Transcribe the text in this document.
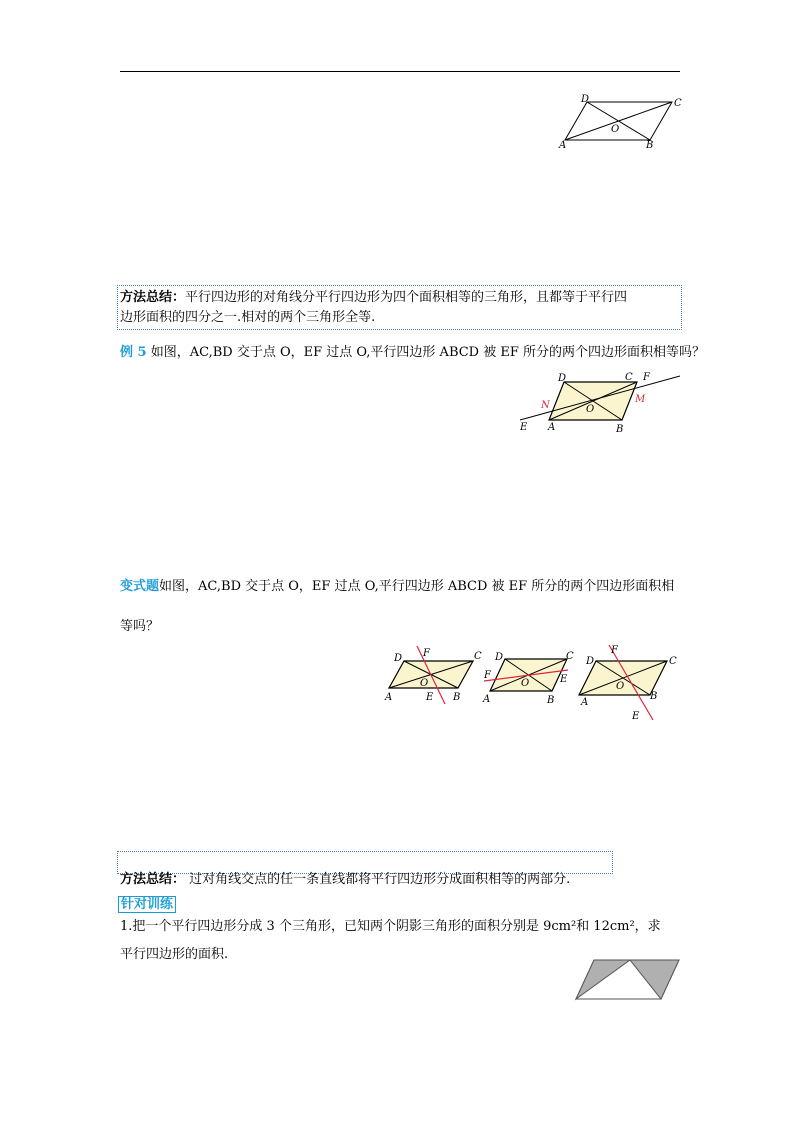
D	C
O
A	B
方法总结：平行四边形的对角线分平行四边形为四个面积相等的三角形，且都等于平行四
边形面积的四分之一.相对的两个三角形全等.
例 5 如图，AC,BD 交于点 O，EF 过点 O,平行四边形 ABCD 被 EF 所分的两个四边形面积相等吗？
D	C F
N	O
M
E A	B
变式题如图，AC,BD 交于点 O，EF 过点 O,平行四边形 ABCD 被 EF 所分的两个四边形面积相
等吗？
D F	C
O
A	E B
D	C
F
O	E
A	B
D
F
C
O
B
A
E
方法总结： 过对角线交点的任一条直线都将平行四边形分成面积相等的两部分.
针对训练
1.把一个平行四边形分成 3 个三角形，已知两个阴影三角形的面积分别是 9cm²和 12cm²，求
平行四边形的面积.
